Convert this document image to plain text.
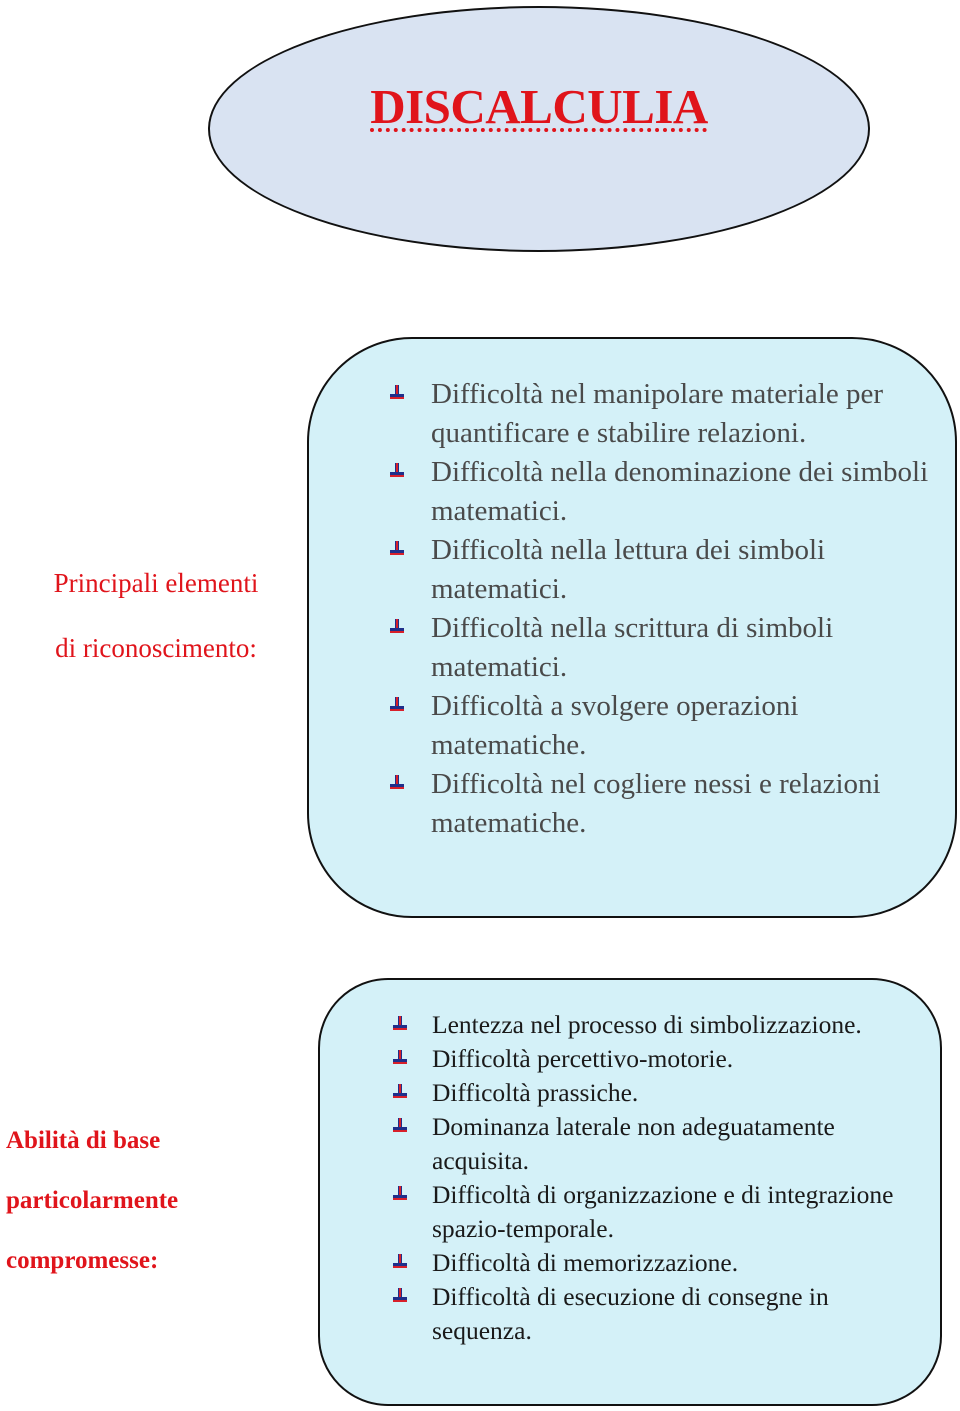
DISCALCULIA
Principali elementi
di riconoscimento:
Difficoltà nel manipolare materiale per quantificare e stabilire relazioni.
Difficoltà nella denominazione dei simboli matematici.
Difficoltà nella lettura dei simboli matematici.
Difficoltà nella scrittura di simboli matematici.
Difficoltà a svolgere operazioni matematiche.
Difficoltà nel cogliere nessi e relazioni matematiche.
Abilità di base
particolarmente
compromesse:
Lentezza nel processo di simbolizzazione.
Difficoltà percettivo-motorie.
Difficoltà prassiche.
Dominanza laterale non adeguatamente acquisita.
Difficoltà di organizzazione e di integrazione spazio-temporale.
Difficoltà di memorizzazione.
Difficoltà di esecuzione di consegne in sequenza.
